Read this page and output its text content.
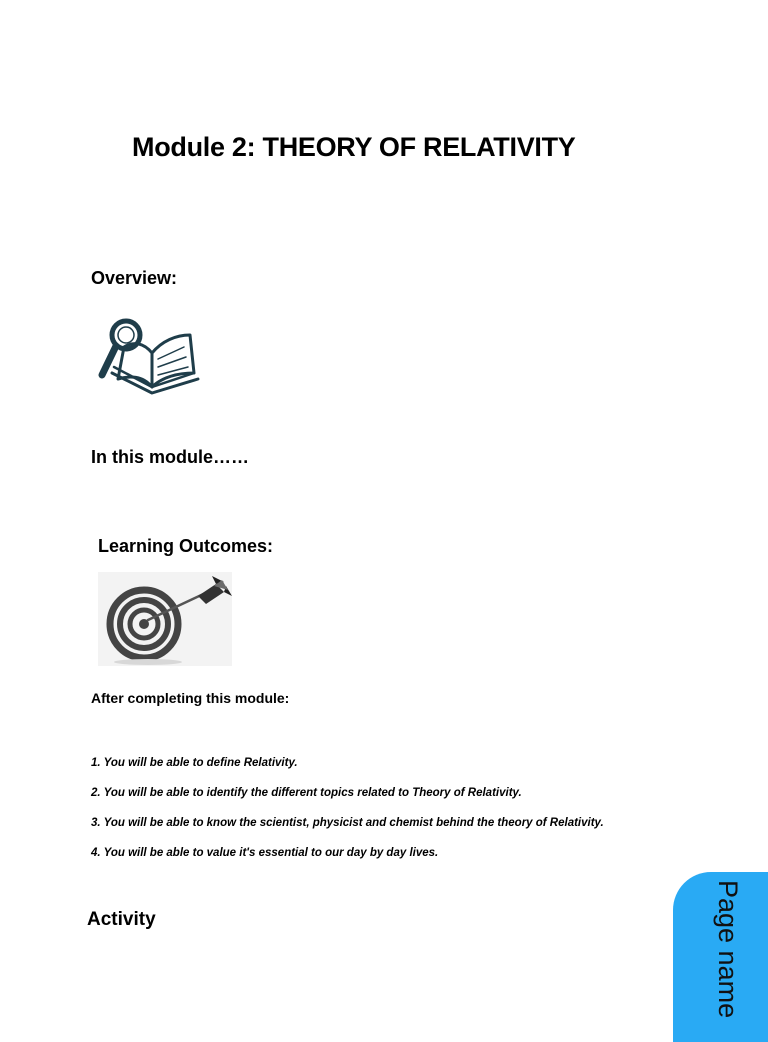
Module 2: THEORY OF RELATIVITY
Overview:
In this module……
Learning Outcomes:
After completing this module:
1. You will be able to define Relativity.
2. You will be able to identify the different topics related to Theory of Relativity.
3. You will be able to know the scientist, physicist and chemist behind the theory of Relativity.
4. You will be able to value it's essential to our day by day lives.
Activity	Page name
